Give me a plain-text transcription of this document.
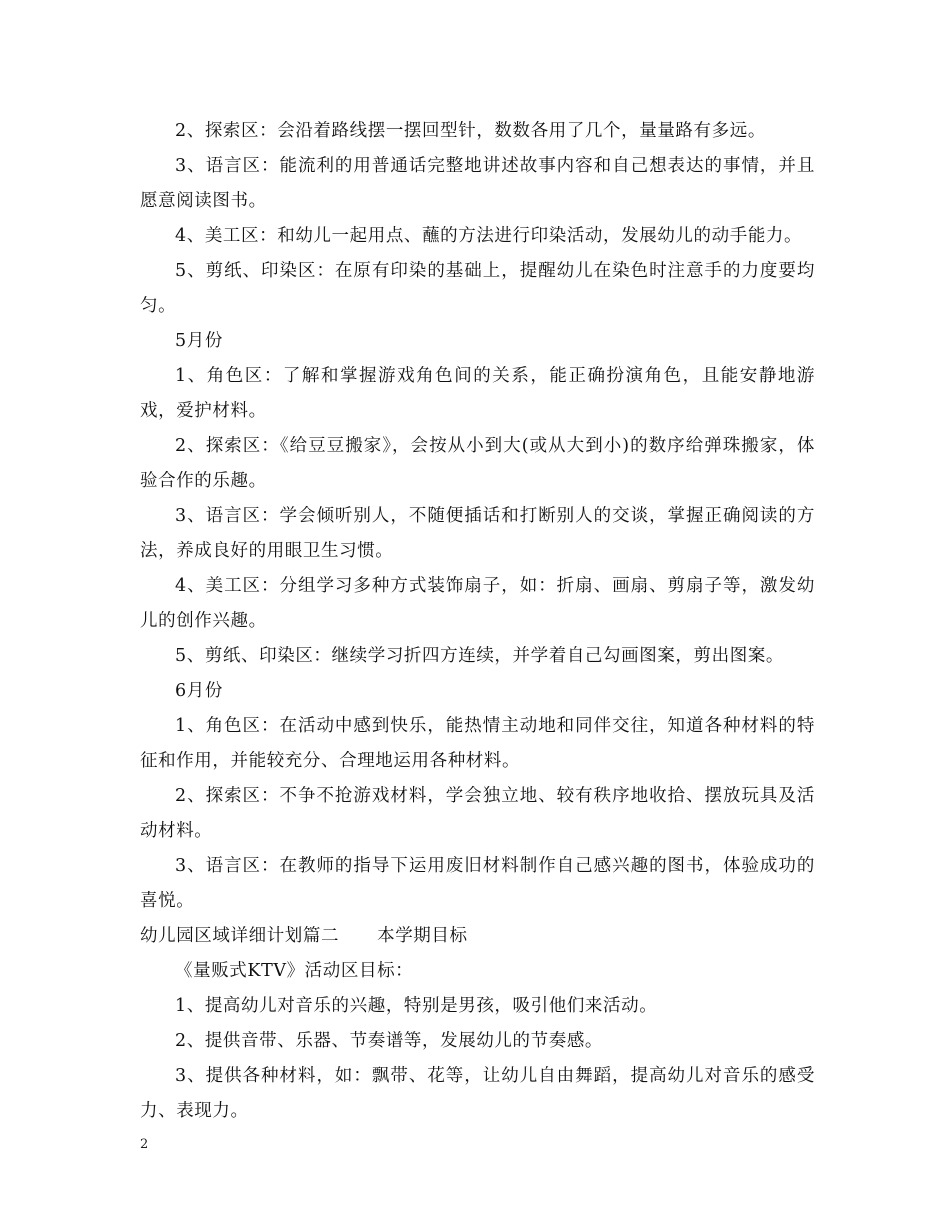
2、探索区：会沿着路线摆一摆回型针，数数各用了几个，量量路有多远。

3、语言区：能流利的用普通话完整地讲述故事内容和自己想表达的事情，并且愿意阅读图书。

4、美工区：和幼儿一起用点、蘸的方法进行印染活动，发展幼儿的动手能力。

5、剪纸、印染区：在原有印染的基础上，提醒幼儿在染色时注意手的力度要均匀。

5月份

1、角色区：了解和掌握游戏角色间的关系，能正确扮演角色，且能安静地游戏，爱护材料。

2、探索区：《给豆豆搬家》，会按从小到大(或从大到小)的数序给弹珠搬家，体验合作的乐趣。

3、语言区：学会倾听别人，不随便插话和打断别人的交谈，掌握正确阅读的方法，养成良好的用眼卫生习惯。

4、美工区：分组学习多种方式装饰扇子，如：折扇、画扇、剪扇子等，激发幼儿的创作兴趣。

5、剪纸、印染区：继续学习折四方连续，并学着自己勾画图案，剪出图案。

6月份

1、角色区：在活动中感到快乐，能热情主动地和同伴交往，知道各种材料的特征和作用，并能较充分、合理地运用各种材料。

2、探索区：不争不抢游戏材料，学会独立地、较有秩序地收拾、摆放玩具及活动材料。

3、语言区：在教师的指导下运用废旧材料制作自己感兴趣的图书，体验成功的喜悦。

幼儿园区域详细计划篇二 本学期目标

《量贩式KTV》活动区目标：

1、提高幼儿对音乐的兴趣，特别是男孩，吸引他们来活动。

2、提供音带、乐器、节奏谱等，发展幼儿的节奏感。

3、提供各种材料，如：飘带、花等，让幼儿自由舞蹈，提高幼儿对音乐的感受力、表现力。

2
